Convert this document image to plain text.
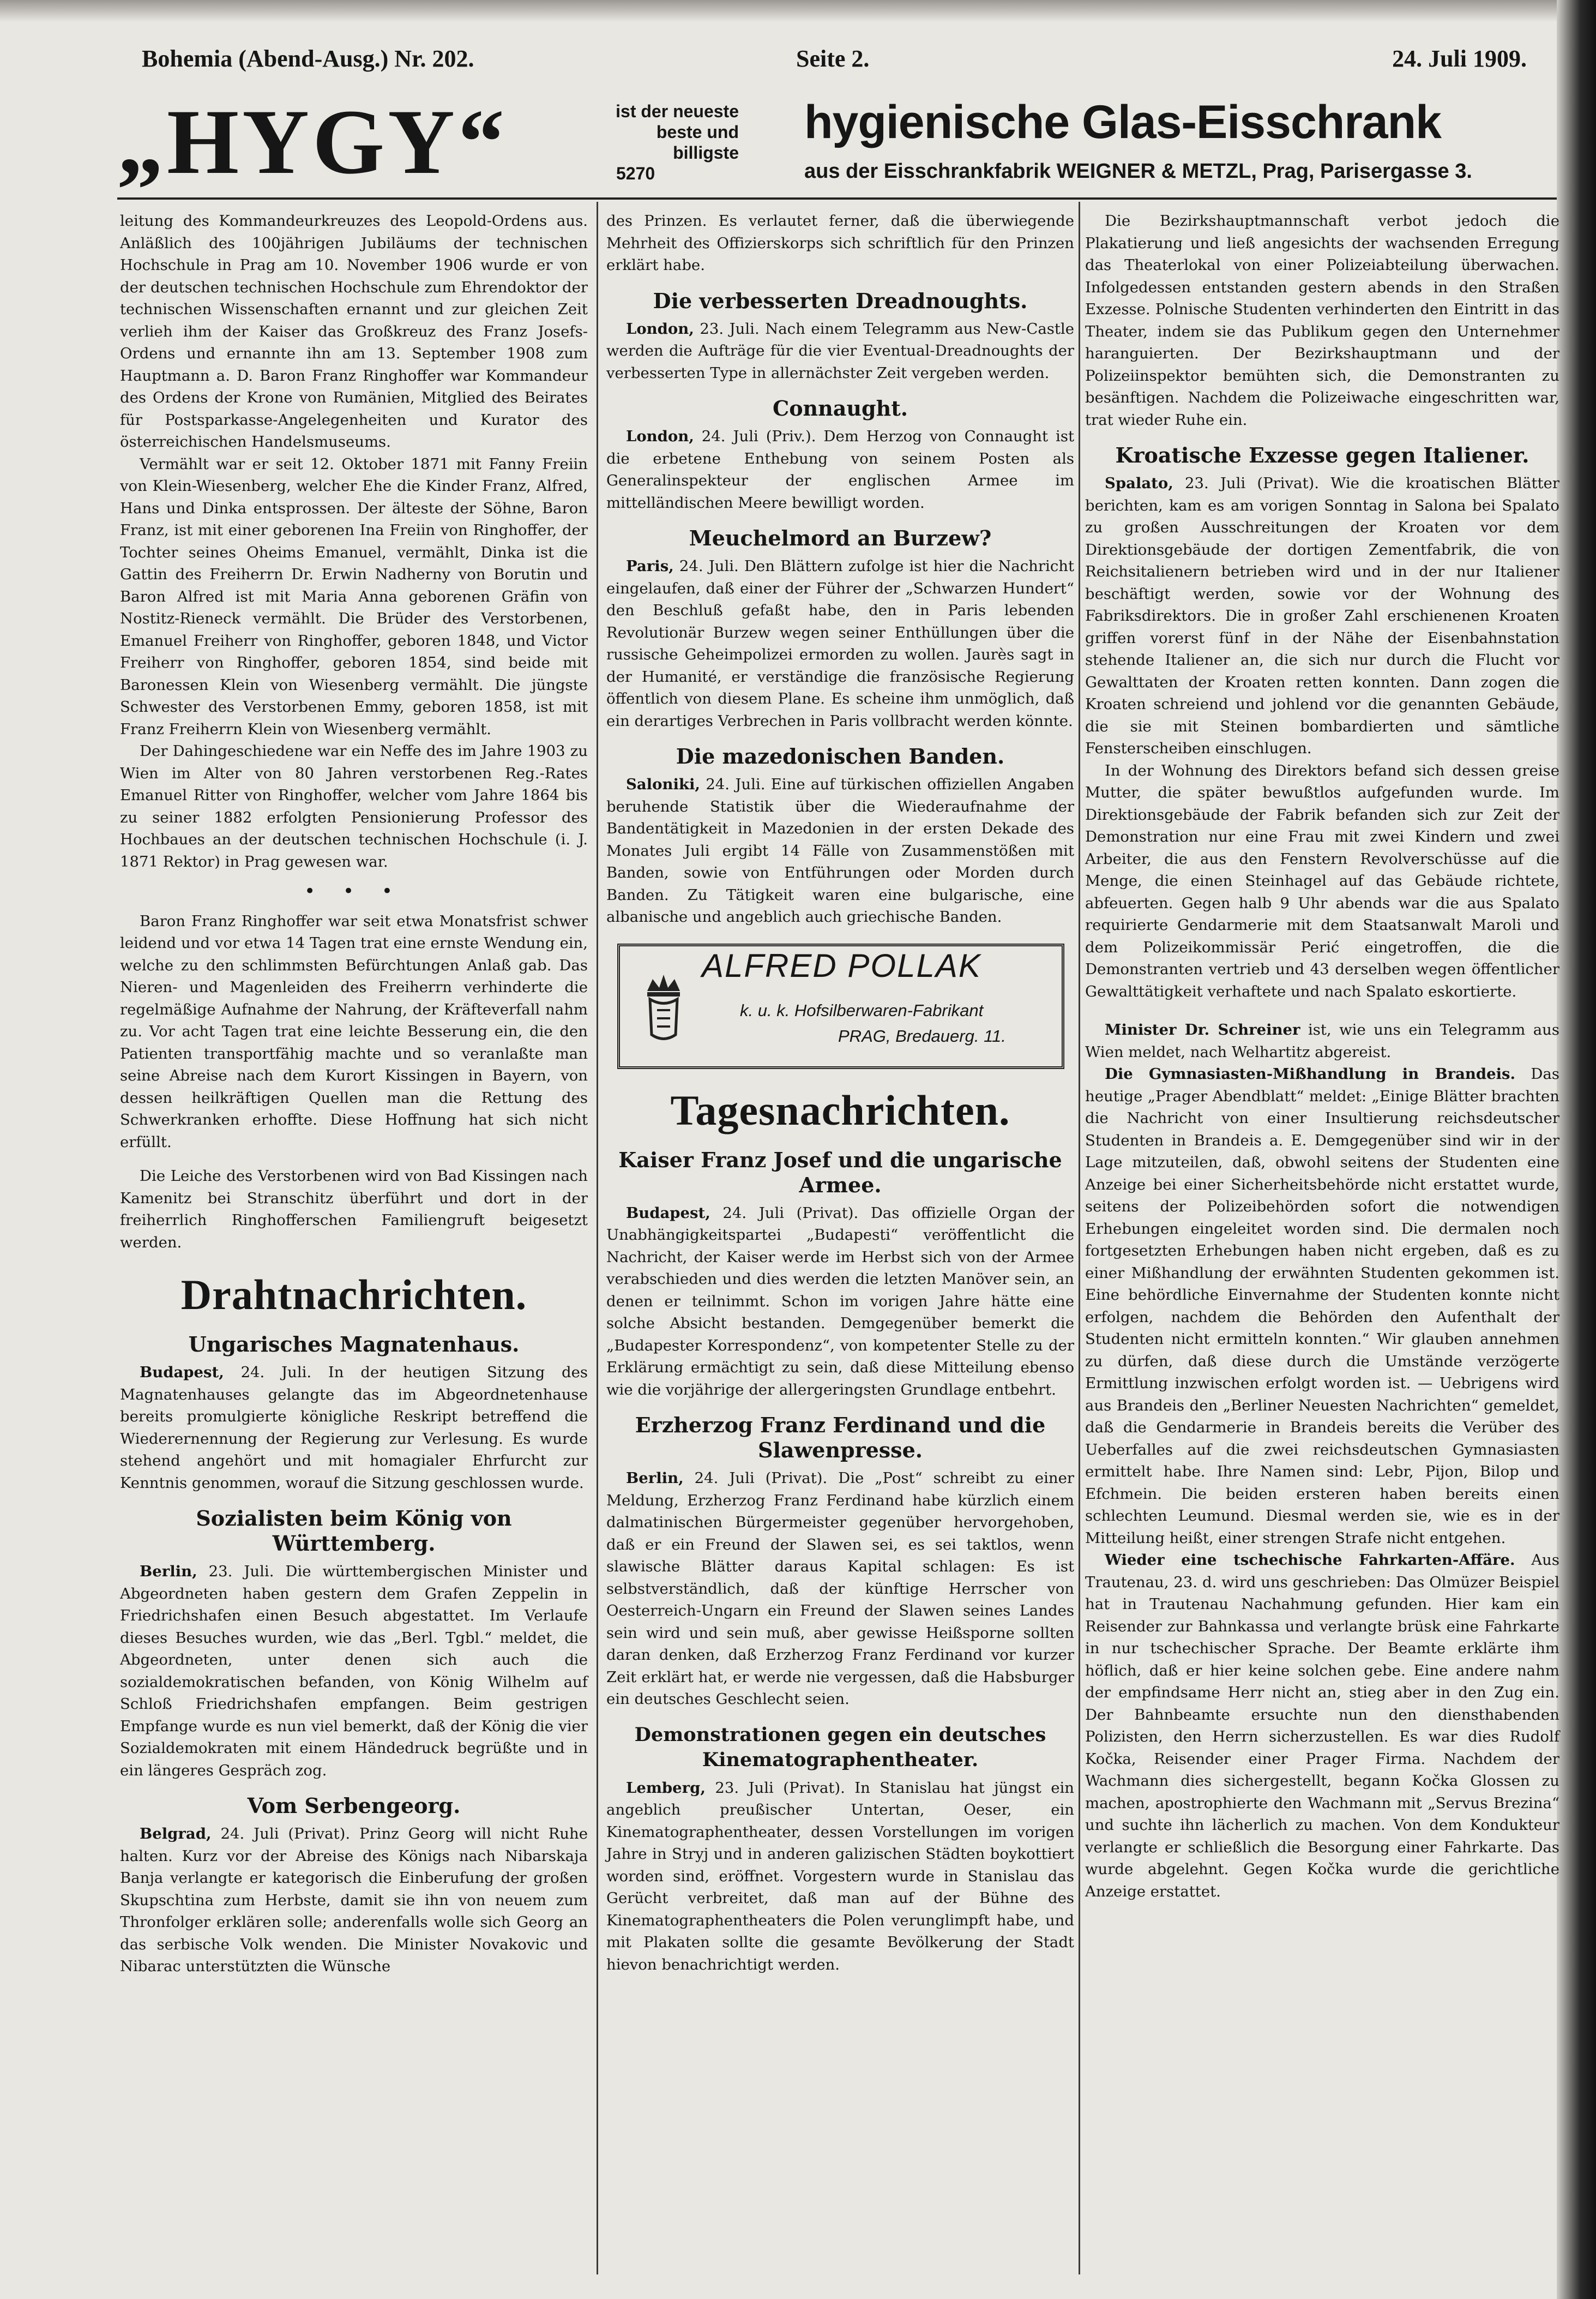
Bohemia (Abend-Ausg.) Nr. 202.	Seite 2.	24. Juli 1909.
„HYGY“	ist der neueste beste und billigste
5270
hygienische Glas-Eisschrank
aus der Eisschrankfabrik WEIGNER & METZL, Prag, Parisergasse 3.

leitung des Kommandeurkreuzes des Leopold-Ordens aus. Anläßlich des 100jährigen Jubiläums der technischen Hochschule in Prag am 10. November 1906 wurde er von der deutschen technischen Hochschule zum Ehrendoktor der technischen Wissenschaften ernannt und zur gleichen Zeit verlieh ihm der Kaiser das Großkreuz des Franz Josefs-Ordens und ernannte ihn am 13. September 1908 zum Hauptmann a. D. Baron Franz Ringhoffer war Kommandeur des Ordens der Krone von Rumänien, Mitglied des Beirates für Postsparkasse-Angelegenheiten und Kurator des österreichischen Handelsmuseums.

Vermählt war er seit 12. Oktober 1871 mit Fanny Freiin von Klein-Wiesenberg, welcher Ehe die Kinder Franz, Alfred, Hans und Dinka entsprossen. Der älteste der Söhne, Baron Franz, ist mit einer geborenen Ina Freiin von Ringhoffer, der Tochter seines Oheims Emanuel, vermählt, Dinka ist die Gattin des Freiherrn Dr. Erwin Nadherny von Borutin und Baron Alfred ist mit Maria Anna geborenen Gräfin von Nostitz-Rieneck vermählt. Die Brüder des Verstorbenen, Emanuel Freiherr von Ringhoffer, geboren 1848, und Victor Freiherr von Ringhoffer, geboren 1854, sind beide mit Baronessen Klein von Wiesenberg vermählt. Die jüngste Schwester des Verstorbenen Emmy, geboren 1858, ist mit Franz Freiherrn Klein von Wiesenberg vermählt.

Der Dahingeschiedene war ein Neffe des im Jahre 1903 zu Wien im Alter von 80 Jahren verstorbenen Reg.-Rates Emanuel Ritter von Ringhoffer, welcher vom Jahre 1864 bis zu seiner 1882 erfolgten Pensionierung Professor des Hochbaues an der deutschen technischen Hochschule (i. J. 1871 Rektor) in Prag gewesen war.

• • •

Baron Franz Ringhoffer war seit etwa Monatsfrist schwer leidend und vor etwa 14 Tagen trat eine ernste Wendung ein, welche zu den schlimmsten Befürchtungen Anlaß gab. Das Nieren- und Magenleiden des Freiherrn verhinderte die regelmäßige Aufnahme der Nahrung, der Kräfteverfall nahm zu. Vor acht Tagen trat eine leichte Besserung ein, die den Patienten transportfähig machte und so veranlaßte man seine Abreise nach dem Kurort Kissingen in Bayern, von dessen heilkräftigen Quellen man die Rettung des Schwerkranken erhoffte. Diese Hoffnung hat sich nicht erfüllt.

Die Leiche des Verstorbenen wird von Bad Kissingen nach Kamenitz bei Stranschitz überführt und dort in der freiherrlich Ringhofferschen Familiengruft beigesetzt werden.

Drahtnachrichten.
Ungarisches Magnatenhaus.

Budapest, 24. Juli. In der heutigen Sitzung des Magnatenhauses gelangte das im Abgeordnetenhause bereits promulgierte königliche Reskript betreffend die Wiederernennung der Regierung zur Verlesung. Es wurde stehend angehört und mit homagialer Ehrfurcht zur Kenntnis genommen, worauf die Sitzung geschlossen wurde.

Sozialisten beim König von Württemberg.

Berlin, 23. Juli. Die württembergischen Minister und Abgeordneten haben gestern dem Grafen Zeppelin in Friedrichshafen einen Besuch abgestattet. Im Verlaufe dieses Besuches wurden, wie das „Berl. Tgbl.“ meldet, die Abgeordneten, unter denen sich auch die sozialdemokratischen befanden, von König Wilhelm auf Schloß Friedrichshafen empfangen. Beim gestrigen Empfange wurde es nun viel bemerkt, daß der König die vier Sozialdemokraten mit einem Händedruck begrüßte und in ein längeres Gespräch zog.

Vom Serbengeorg.

Belgrad, 24. Juli (Privat). Prinz Georg will nicht Ruhe halten. Kurz vor der Abreise des Königs nach Nibarskaja Banja verlangte er kategorisch die Einberufung der großen Skupschtina zum Herbste, damit sie ihn von neuem zum Thronfolger erklären solle; anderenfalls wolle sich Georg an das serbische Volk wenden. Die Minister Novakovic und Nibarac unterstützten die Wünsche

des Prinzen. Es verlautet ferner, daß die überwiegende Mehrheit des Offizierskorps sich schriftlich für den Prinzen erklärt habe.

Die verbesserten Dreadnoughts.

London, 23. Juli. Nach einem Telegramm aus New-Castle werden die Aufträge für die vier Eventual-Dreadnoughts der verbesserten Type in allernächster Zeit vergeben werden.

Connaught.

London, 24. Juli (Priv.). Dem Herzog von Connaught ist die erbetene Enthebung von seinem Posten als Generalinspekteur der englischen Armee im mittelländischen Meere bewilligt worden.

Meuchelmord an Burzew?

Paris, 24. Juli. Den Blättern zufolge ist hier die Nachricht eingelaufen, daß einer der Führer der „Schwarzen Hundert“ den Beschluß gefaßt habe, den in Paris lebenden Revolutionär Burzew wegen seiner Enthüllungen über die russische Geheimpolizei ermorden zu wollen. Jaurès sagt in der Humanité, er verständige die französische Regierung öffentlich von diesem Plane. Es scheine ihm unmöglich, daß ein derartiges Verbrechen in Paris vollbracht werden könnte.

Die mazedonischen Banden.

Saloniki, 24. Juli. Eine auf türkischen offiziellen Angaben beruhende Statistik über die Wiederaufnahme der Bandentätigkeit in Mazedonien in der ersten Dekade des Monates Juli ergibt 14 Fälle von Zusammenstößen mit Banden, sowie von Entführungen oder Morden durch Banden. Zu Tätigkeit waren eine bulgarische, eine albanische und angeblich auch griechische Banden.

ALFRED POLLAK
k. u. k. Hofsilberwaren-Fabrikant
PRAG, Bredauerg. 11.
Tagesnachrichten.
Kaiser Franz Josef und die ungarische Armee.

Budapest, 24. Juli (Privat). Das offizielle Organ der Unabhängigkeitspartei „Budapesti“ veröffentlicht die Nachricht, der Kaiser werde im Herbst sich von der Armee verabschieden und dies werden die letzten Manöver sein, an denen er teilnimmt. Schon im vorigen Jahre hätte eine solche Absicht bestanden. Demgegenüber bemerkt die „Budapester Korrespondenz“, von kompetenter Stelle zu der Erklärung ermächtigt zu sein, daß diese Mitteilung ebenso wie die vorjährige der allergeringsten Grundlage entbehrt.

Erzherzog Franz Ferdinand und die Slawenpresse.

Berlin, 24. Juli (Privat). Die „Post“ schreibt zu einer Meldung, Erzherzog Franz Ferdinand habe kürzlich einem dalmatinischen Bürgermeister gegenüber hervorgehoben, daß er ein Freund der Slawen sei, es sei taktlos, wenn slawische Blätter daraus Kapital schlagen: Es ist selbstverständlich, daß der künftige Herrscher von Oesterreich-Ungarn ein Freund der Slawen seines Landes sein wird und sein muß, aber gewisse Heißsporne sollten daran denken, daß Erzherzog Franz Ferdinand vor kurzer Zeit erklärt hat, er werde nie vergessen, daß die Habsburger ein deutsches Geschlecht seien.

Demonstrationen gegen ein deutsches Kinematographentheater.

Lemberg, 23. Juli (Privat). In Stanislau hat jüngst ein angeblich preußischer Untertan, Oeser, ein Kinematographentheater, dessen Vorstellungen im vorigen Jahre in Stryj und in anderen galizischen Städten boykottiert worden sind, eröffnet. Vorgestern wurde in Stanislau das Gerücht verbreitet, daß man auf der Bühne des Kinematographentheaters die Polen verunglimpft habe, und mit Plakaten sollte die gesamte Bevölkerung der Stadt hievon benachrichtigt werden.

Die Bezirkshauptmannschaft verbot jedoch die Plakatierung und ließ angesichts der wachsenden Erregung das Theaterlokal von einer Polizeiabteilung überwachen. Infolgedessen entstanden gestern abends in den Straßen Exzesse. Polnische Studenten verhinderten den Eintritt in das Theater, indem sie das Publikum gegen den Unternehmer haranguierten. Der Bezirkshauptmann und der Polizeiinspektor bemühten sich, die Demonstranten zu besänftigen. Nachdem die Polizeiwache eingeschritten war, trat wieder Ruhe ein.

Kroatische Exzesse gegen Italiener.

Spalato, 23. Juli (Privat). Wie die kroatischen Blätter berichten, kam es am vorigen Sonntag in Salona bei Spalato zu großen Ausschreitungen der Kroaten vor dem Direktionsgebäude der dortigen Zementfabrik, die von Reichsitalienern betrieben wird und in der nur Italiener beschäftigt werden, sowie vor der Wohnung des Fabriksdirektors. Die in großer Zahl erschienenen Kroaten griffen vorerst fünf in der Nähe der Eisenbahnstation stehende Italiener an, die sich nur durch die Flucht vor Gewalttaten der Kroaten retten konnten. Dann zogen die Kroaten schreiend und johlend vor die genannten Gebäude, die sie mit Steinen bombardierten und sämtliche Fensterscheiben einschlugen.

In der Wohnung des Direktors befand sich dessen greise Mutter, die später bewußtlos aufgefunden wurde. Im Direktionsgebäude der Fabrik befanden sich zur Zeit der Demonstration nur eine Frau mit zwei Kindern und zwei Arbeiter, die aus den Fenstern Revolverschüsse auf die Menge, die einen Steinhagel auf das Gebäude richtete, abfeuerten. Gegen halb 9 Uhr abends war die aus Spalato requirierte Gendarmerie mit dem Staatsanwalt Maroli und dem Polizeikommissär Perić eingetroffen, die die Demonstranten vertrieb und 43 derselben wegen öffentlicher Gewalttätigkeit verhaftete und nach Spalato eskortierte.

Minister Dr. Schreiner ist, wie uns ein Telegramm aus Wien meldet, nach Welhartitz abgereist.

Die Gymnasiasten-Mißhandlung in Brandeis. Das heutige „Prager Abendblatt“ meldet: „Einige Blätter brachten die Nachricht von einer Insultierung reichsdeutscher Studenten in Brandeis a. E. Demgegenüber sind wir in der Lage mitzuteilen, daß, obwohl seitens der Studenten eine Anzeige bei einer Sicherheitsbehörde nicht erstattet wurde, seitens der Polizeibehörden sofort die notwendigen Erhebungen eingeleitet worden sind. Die dermalen noch fortgesetzten Erhebungen haben nicht ergeben, daß es zu einer Mißhandlung der erwähnten Studenten gekommen ist. Eine behördliche Einvernahme der Studenten konnte nicht erfolgen, nachdem die Behörden den Aufenthalt der Studenten nicht ermitteln konnten.“ Wir glauben annehmen zu dürfen, daß diese durch die Umstände verzögerte Ermittlung inzwischen erfolgt worden ist. — Uebrigens wird aus Brandeis den „Berliner Neuesten Nachrichten“ gemeldet, daß die Gendarmerie in Brandeis bereits die Verüber des Ueberfalles auf die zwei reichsdeutschen Gymnasiasten ermittelt habe. Ihre Namen sind: Lebr, Pijon, Bilop und Efchmein. Die beiden ersteren haben bereits einen schlechten Leumund. Diesmal werden sie, wie es in der Mitteilung heißt, einer strengen Strafe nicht entgehen.

Wieder eine tschechische Fahrkarten-Affäre. Aus Trautenau, 23. d. wird uns geschrieben: Das Olmüzer Beispiel hat in Trautenau Nachahmung gefunden. Hier kam ein Reisender zur Bahnkassa und verlangte brüsk eine Fahrkarte in nur tschechischer Sprache. Der Beamte erklärte ihm höflich, daß er hier keine solchen gebe. Eine andere nahm der empfindsame Herr nicht an, stieg aber in den Zug ein. Der Bahnbeamte ersuchte nun den diensthabenden Polizisten, den Herrn sicherzustellen. Es war dies Rudolf Kočka, Reisender einer Prager Firma. Nachdem der Wachmann dies sichergestellt, begann Kočka Glossen zu machen, apostrophierte den Wachmann mit „Servus Brezina“ und suchte ihn lächerlich zu machen. Von dem Kondukteur verlangte er schließlich die Besorgung einer Fahrkarte. Das wurde abgelehnt. Gegen Kočka wurde die gerichtliche Anzeige erstattet.
